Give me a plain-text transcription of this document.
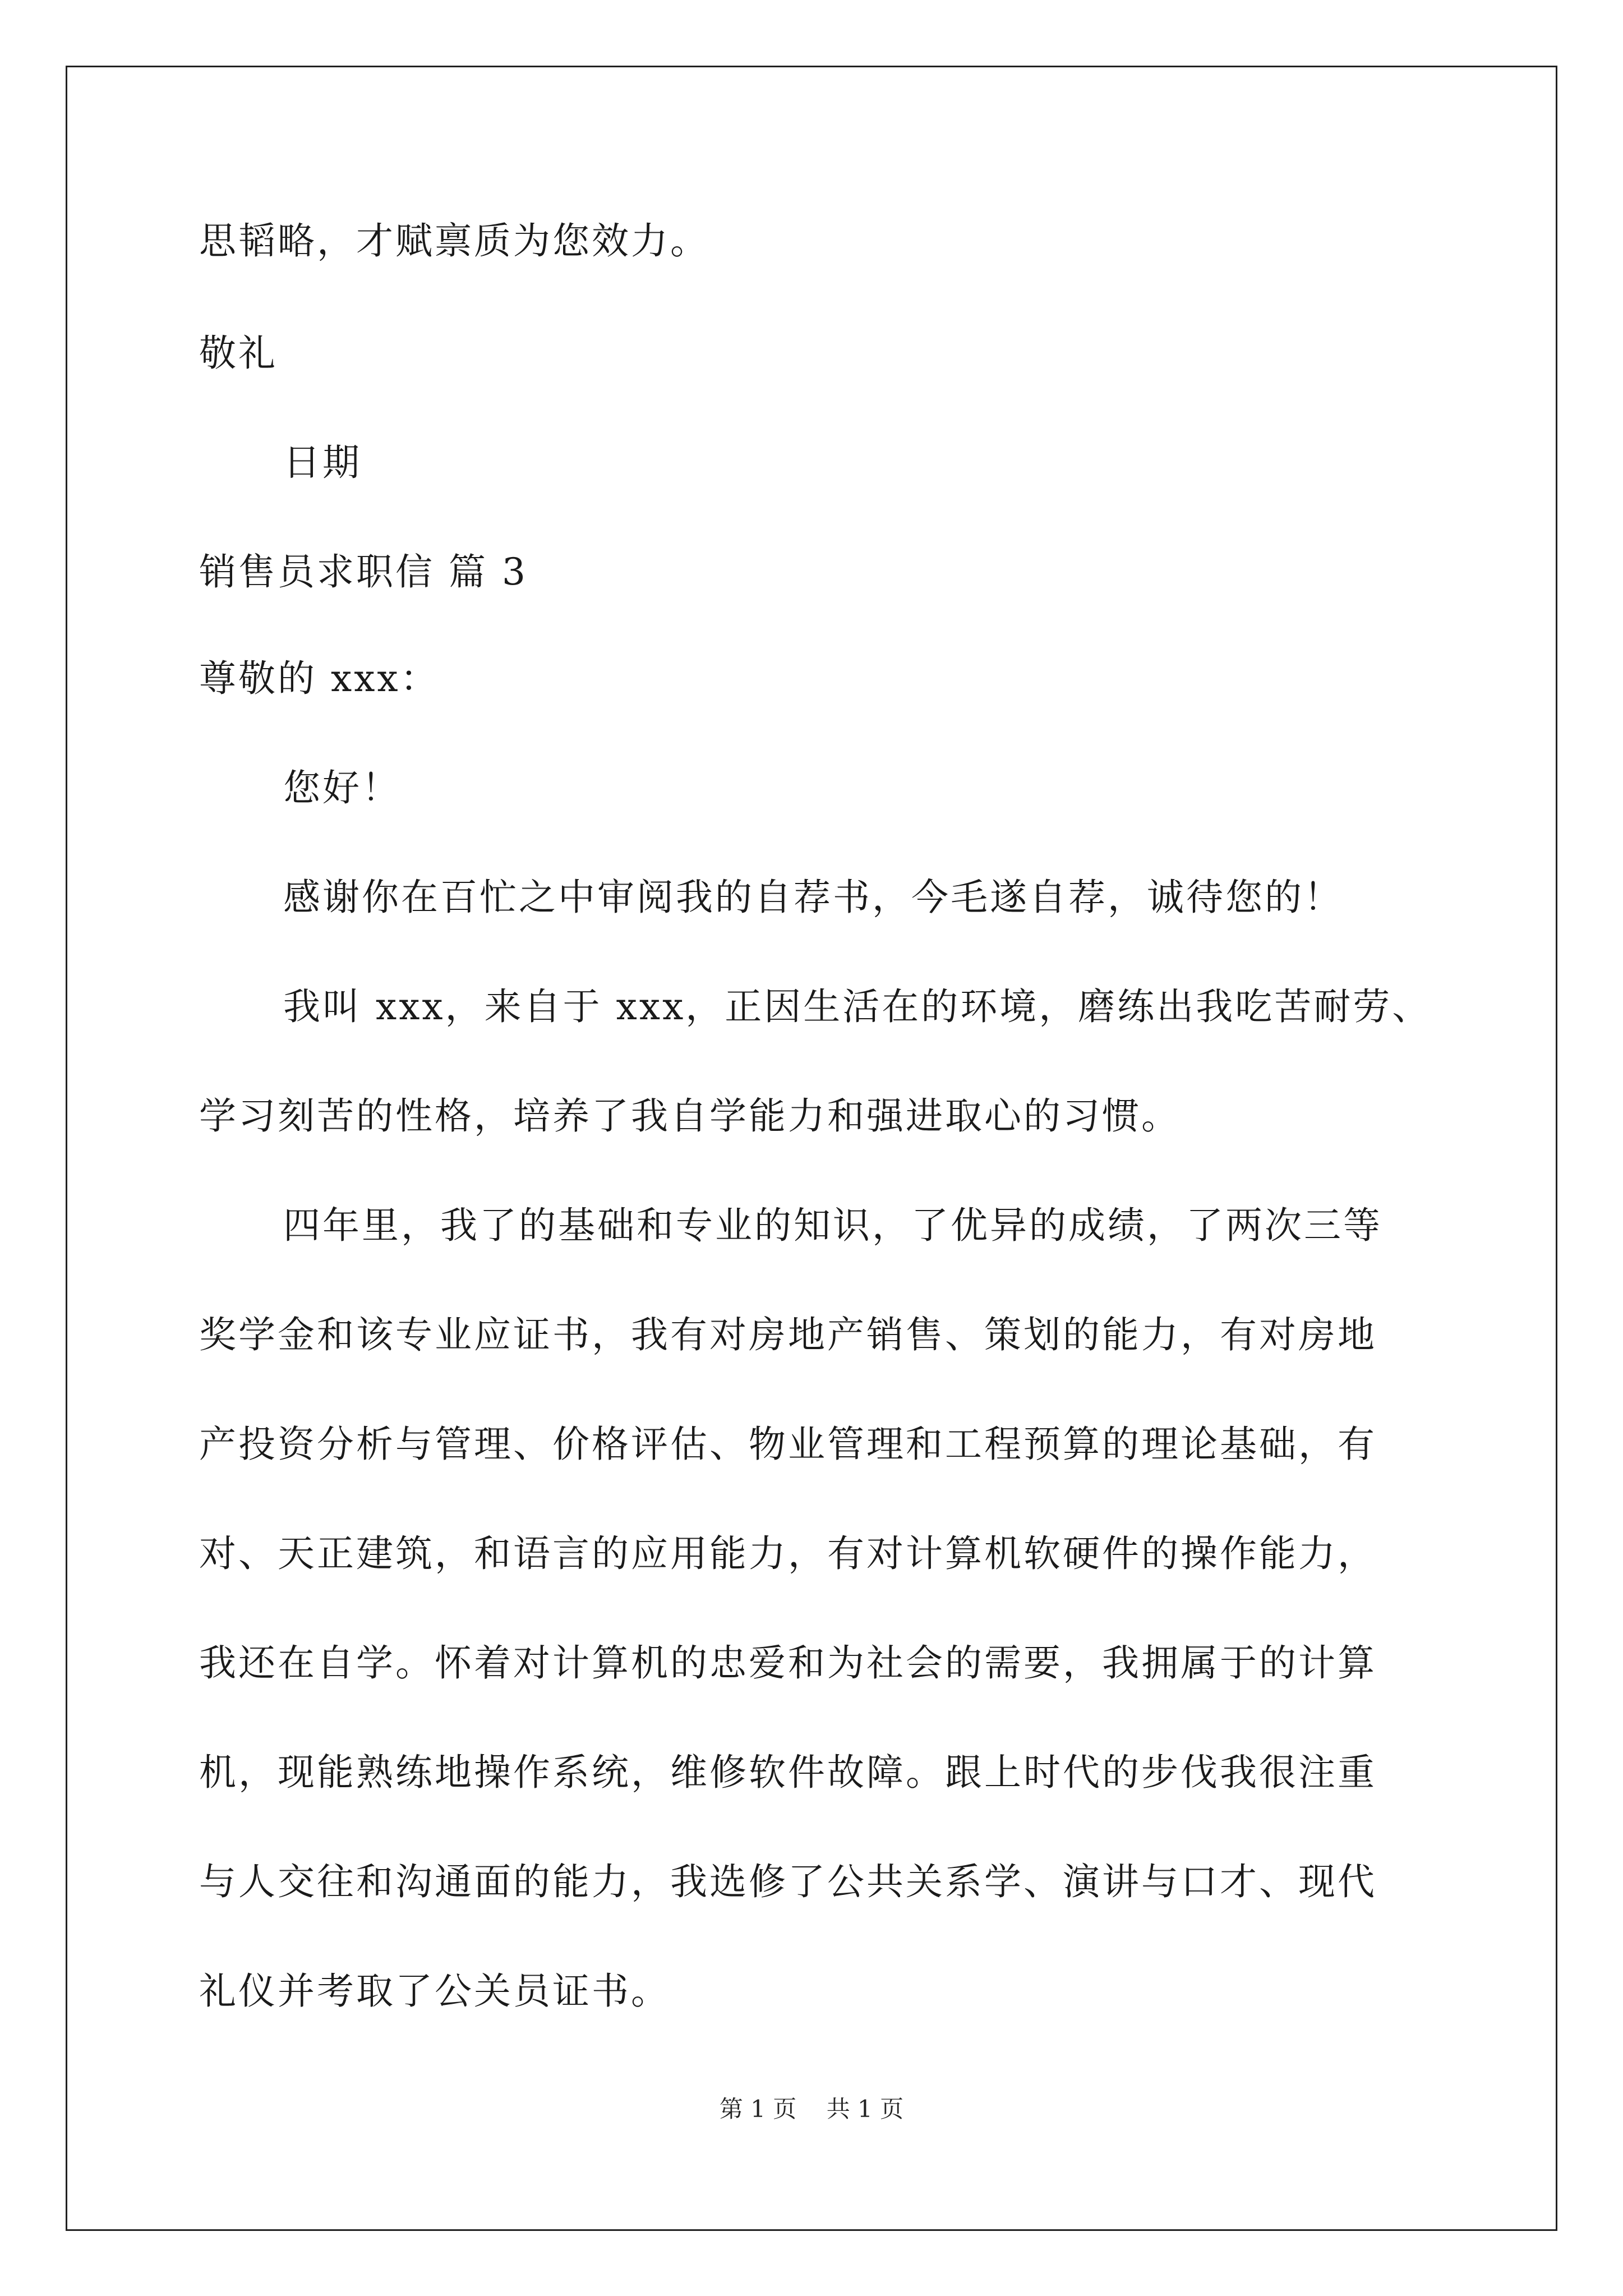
思韬略，才赋禀质为您效力。
敬礼
日期
销售员求职信 篇 3
尊敬的 xxx：
您好！
感谢你在百忙之中审阅我的自荐书，今毛遂自荐，诚待您的！
我叫 xxx，来自于 xxx，正因生活在的环境，磨练出我吃苦耐劳、
学习刻苦的性格，培养了我自学能力和强进取心的习惯。
四年里，我了的基础和专业的知识，了优异的成绩，了两次三等
奖学金和该专业应证书，我有对房地产销售、策划的能力，有对房地
产投资分析与管理、价格评估、物业管理和工程预算的理论基础，有
对、天正建筑，和语言的应用能力，有对计算机软硬件的操作能力，
我还在自学。怀着对计算机的忠爱和为社会的需要，我拥属于的计算
机，现能熟练地操作系统，维修软件故障。跟上时代的步伐我很注重
与人交往和沟通面的能力，我选修了公共关系学、演讲与口才、现代
礼仪并考取了公关员证书。
第 1 页    共 1 页
